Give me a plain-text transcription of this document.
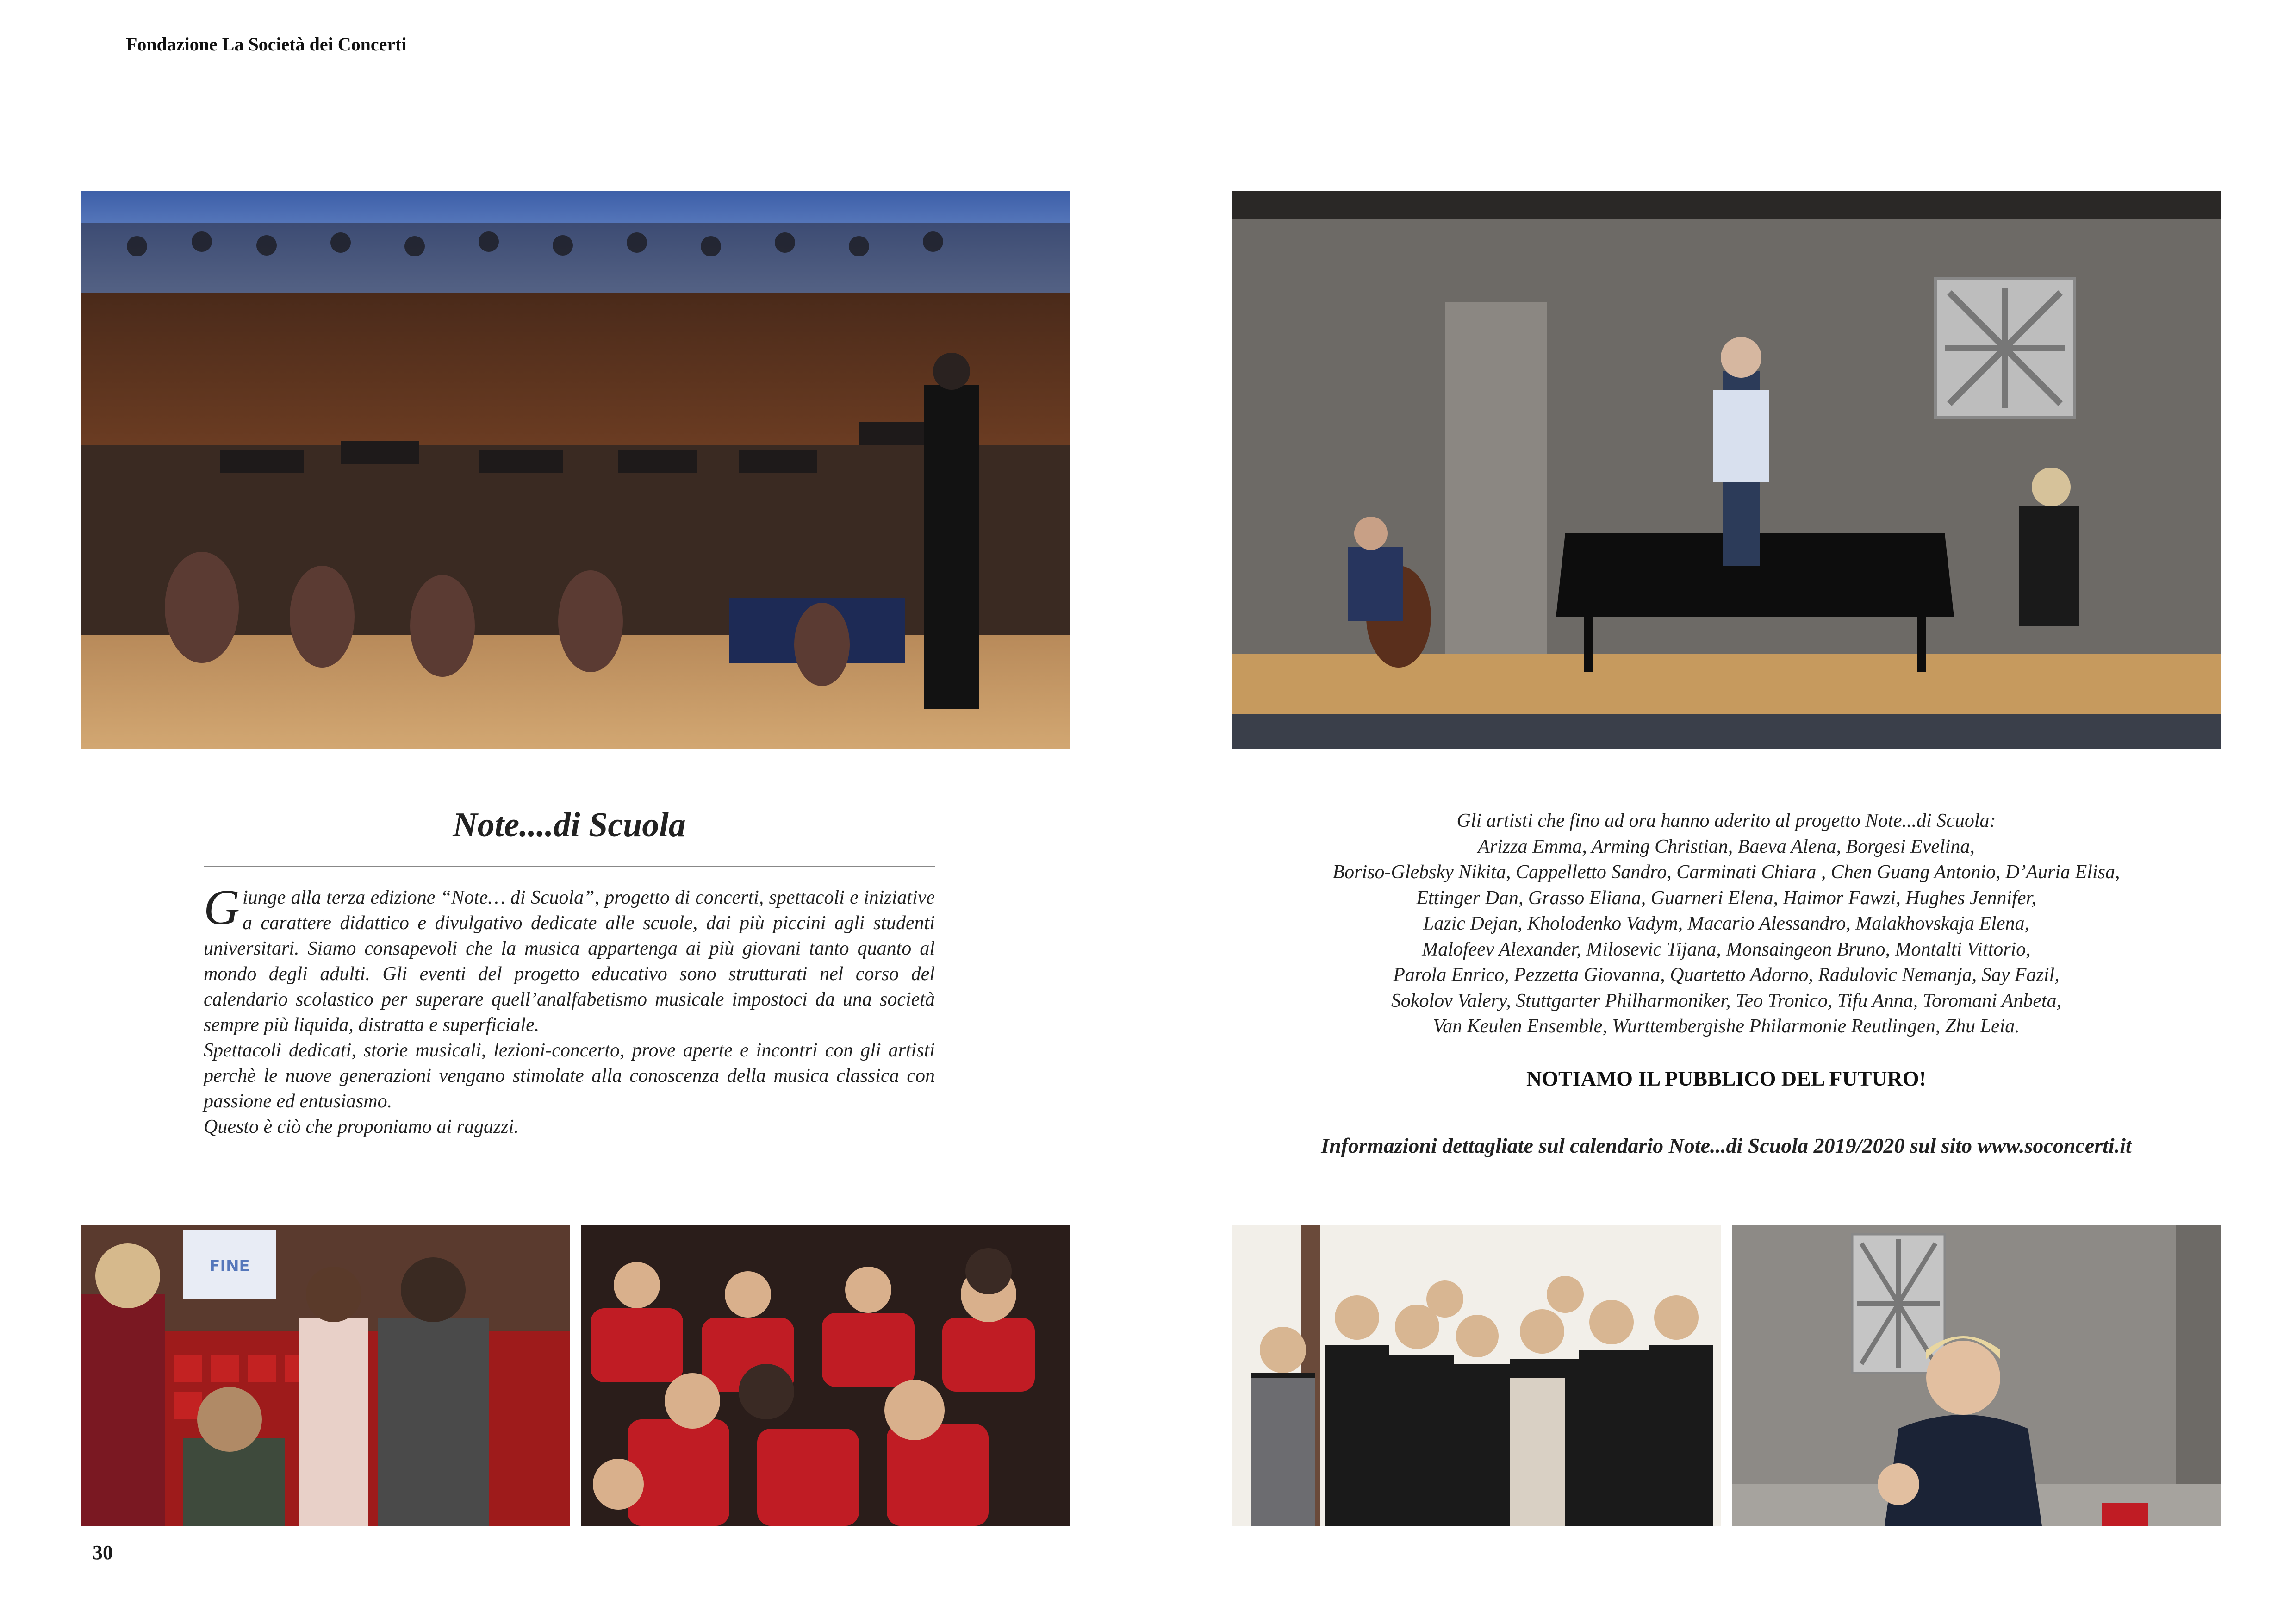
Fondazione La Società dei Concerti
Note....di Scuola

Giunge alla terza edizione “Note… di Scuola”, progetto di concerti, spettacoli e iniziative a carattere didattico e divulgativo dedicate alle scuole, dai più piccini agli studenti universitari. Siamo consapevoli che la musica appartenga ai più giovani tanto quanto al mondo degli adulti. Gli eventi del progetto educativo sono strutturati nel corso del calendario scolastico per superare quell’analfabetismo musicale impostoci da una società sempre più liquida, distratta e superficiale.

Spettacoli dedicati, storie musicali, lezioni-concerto, prove aperte e incontri con gli artisti perchè le nuove generazioni vengano stimolate alla conoscenza della musica classica con passione ed entusiasmo.

Questo è ciò che proponiamo ai ragazzi.

Gli artisti che fino ad ora hanno aderito al progetto Note...di Scuola:
Arizza Emma, Arming Christian, Baeva Alena, Borgesi Evelina,
Boriso-Glebsky Nikita, Cappelletto Sandro, Carminati Chiara , Chen Guang Antonio, D’Auria Elisa,
Ettinger Dan, Grasso Eliana, Guarneri Elena, Haimor Fawzi, Hughes Jennifer,
Lazic Dejan, Kholodenko Vadym, Macario Alessandro, Malakhovskaja Elena,
Malofeev Alexander, Milosevic Tijana, Monsaingeon Bruno, Montalti Vittorio,
Parola Enrico, Pezzetta Giovanna, Quartetto Adorno, Radulovic Nemanja, Say Fazil,
Sokolov Valery, Stuttgarter Philharmoniker, Teo Tronico, Tifu Anna, Toromani Anbeta,
Van Keulen Ensemble, Wurttembergishe Philarmonie Reutlingen, Zhu Leia.
NOTIAMO IL PUBBLICO DEL FUTURO!
Informazioni dettagliate sul calendario Note...di Scuola 2019/2020 sul sito www.soconcerti.it
FINE
30
